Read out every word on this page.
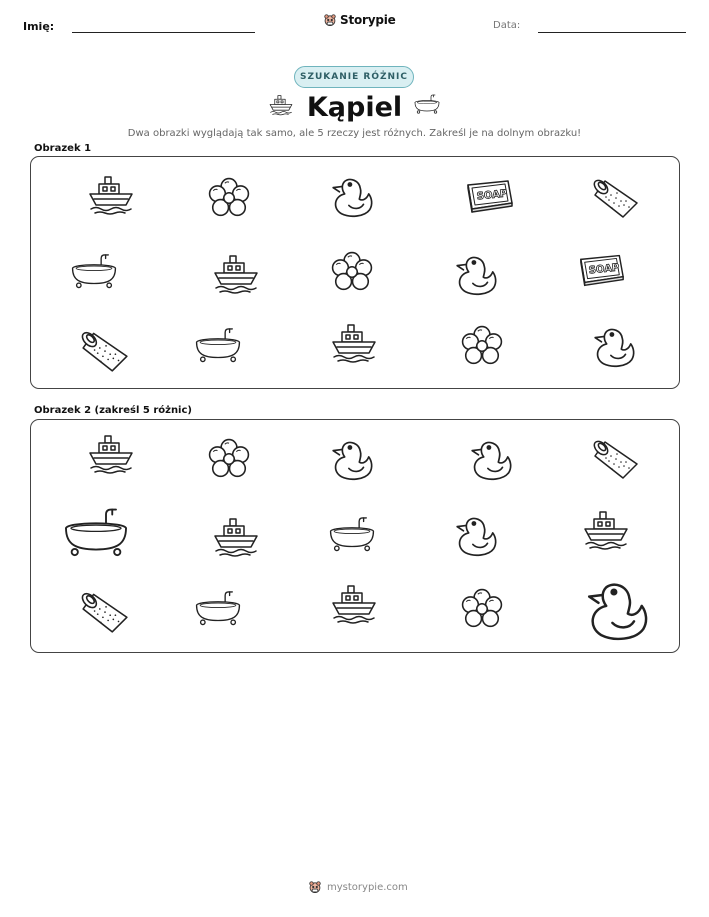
Imię:	Storypie	Data:
SZUKANIE RÓŻNIC
Kąpiel
Dwa obrazki wyglądają tak samo, ale 5 rzeczy jest różnych. Zakreśl je na dolnym obrazku!
Obrazek 1
SOAP
SOAP
Obrazek 2 (zakreśl 5 różnic)
mystorypie.com
